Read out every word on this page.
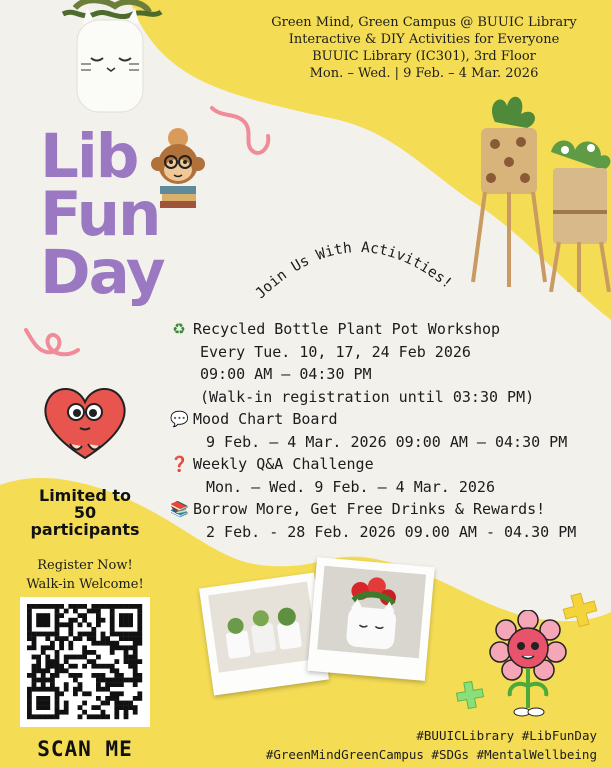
Green Mind, Green Campus @ BUUIC Library
Interactive & DIY Activities for Everyone
BUUIC Library (IC301), 3rd Floor
Mon. – Wed. | 9 Feb. – 4 Mar. 2026
Lib
Fun
Day	Join Us With Activities!
♻ Recycled Bottle Plant Pot Workshop
Every Tue. 10, 17, 24 Feb 2026
09:00 AM – 04:30 PM
(Walk-in registration until 03:30 PM)
💬 Mood Chart Board
9 Feb. – 4 Mar. 2026 09:00 AM – 04:30 PM
❓ Weekly Q&A Challenge
Mon. – Wed. 9 Feb. – 4 Mar. 2026
📚 Borrow More, Get Free Drinks & Rewards!
2 Feb. - 28 Feb. 2026 09.00 AM - 04.30 PM
Limited to
50
participants
Register Now!
Walk-in Welcome!
SCAN ME
#BUUICLibrary #LibFunDay
#GreenMindGreenCampus #SDGs #MentalWellbeing
